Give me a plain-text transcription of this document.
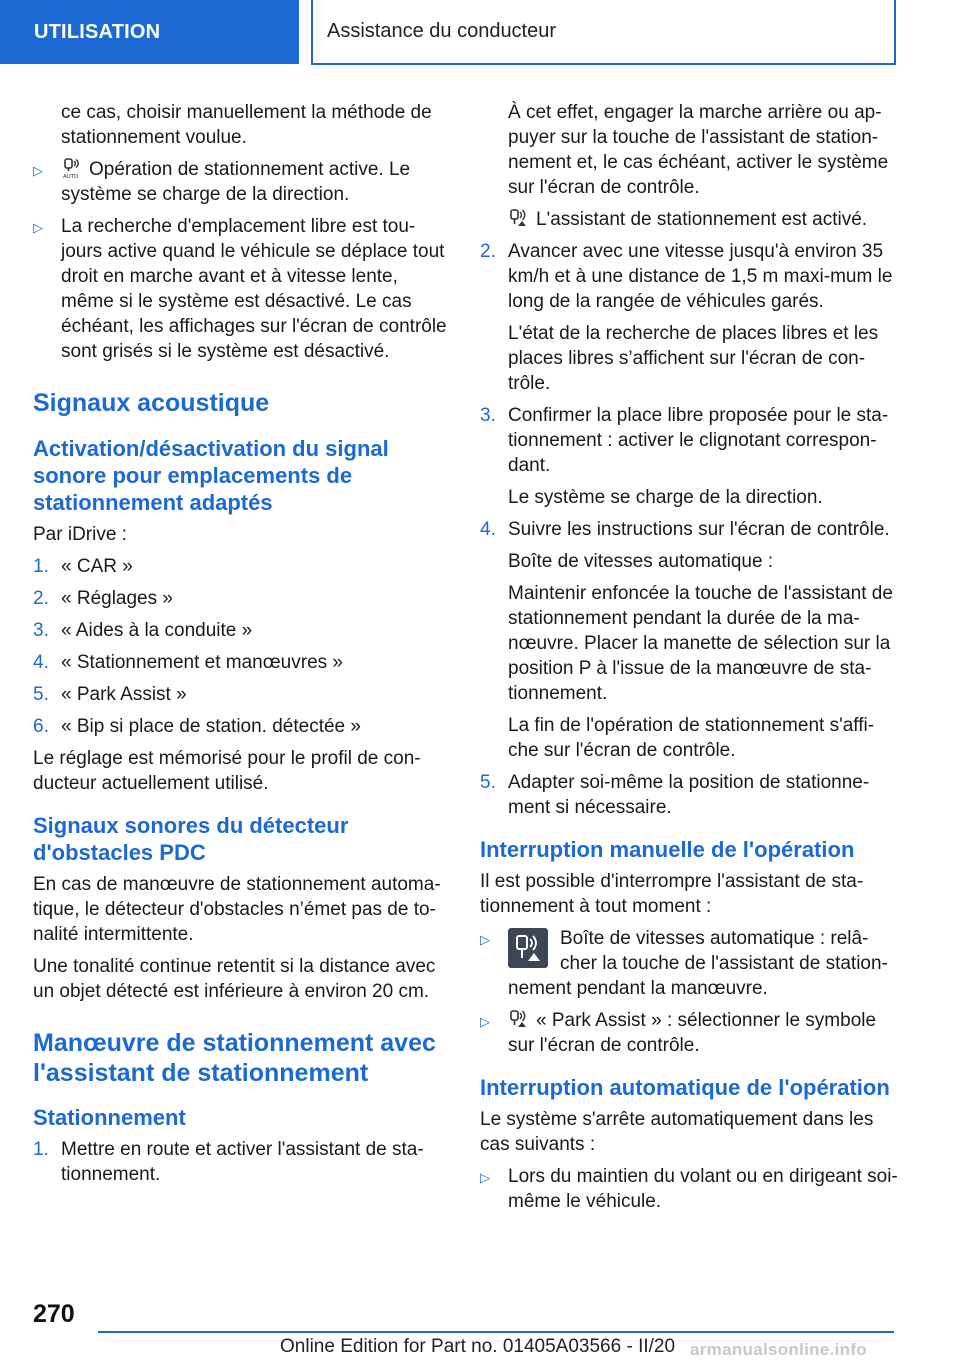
UTILISATION	Assistance du conducteur

ce cas, choisir manuellement la méthode de stationnement voulue.

▷	AUTO Opération de stationnement active. Le système se charge de la direction.
▷ La recherche d'emplacement libre est tou-jours active quand le véhicule se déplace tout droit en marche avant et à vitesse lente, même si le système est désactivé. Le cas échéant, les affichages sur l'écran de contrôle sont grisés si le système est désactivé.
Signaux acoustique
Activation/désactivation du signal sonore pour emplacements de stationnement adaptés

Par iDrive :

1. « CAR »
2. « Réglages »
3. « Aides à la conduite »
4. « Stationnement et manœuvres »
5. « Park Assist »
6. « Bip si place de station. détectée »

Le réglage est mémorisé pour le profil de con-ducteur actuellement utilisé.

Signaux sonores du détecteur d'obstacles PDC

En cas de manœuvre de stationnement automa-tique, le détecteur d'obstacles n’émet pas de to-nalité intermittente.

Une tonalité continue retentit si la distance avec un objet détecté est inférieure à environ 20 cm.

Manœuvre de stationnement avec l'assistant de stationnement
Stationnement
1. Mettre en route et activer l'assistant de sta-tionnement.

À cet effet, engager la marche arrière ou ap-puyer sur la touche de l'assistant de station-nement et, le cas échéant, activer le système sur l'écran de contrôle.

L'assistant de stationnement est activé.

2. Avancer avec une vitesse jusqu'à environ 35 km/h et à une distance de 1,5 m maxi-mum le long de la rangée de véhicules garés.

L'état de la recherche de places libres et les places libres s’affichent sur l'écran de con-trôle.

3. Confirmer la place libre proposée pour le sta-tionnement : activer le clignotant correspon-dant.

Le système se charge de la direction.

4. Suivre les instructions sur l'écran de contrôle.

Boîte de vitesses automatique :

Maintenir enfoncée la touche de l'assistant de stationnement pendant la durée de la ma-nœuvre. Placer la manette de sélection sur la position P à l'issue de la manœuvre de sta-tionnement.

La fin de l'opération de stationnement s'affi-che sur l'écran de contrôle.

5. Adapter soi-même la position de stationne-ment si nécessaire.
Interruption manuelle de l'opération

Il est possible d'interrompre l'assistant de sta-tionnement à tout moment :

▷	Boîte de vitesses automatique : relâ-cher la touche de l'assistant de station-nement pendant la manœuvre.
▷ « Park Assist » : sélectionner le symbole sur l'écran de contrôle.
Interruption automatique de l'opération

Le système s'arrête automatiquement dans les cas suivants :

▷ Lors du maintien du volant ou en dirigeant soi-même le véhicule.
270
Online Edition for Part no. 01405A03566 - II/20 armanualsonline.info
